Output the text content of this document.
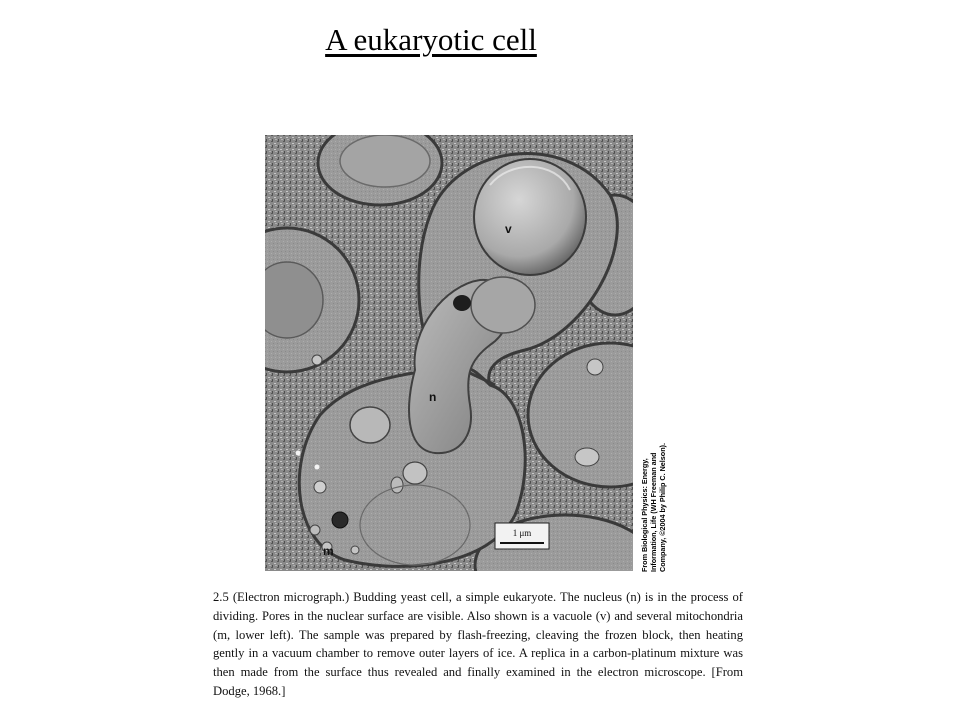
A eukaryotic cell
v
n
m
1 μm	From Biological Physics: Energy, Information, Life (WH Freeman and Company, ©2004 by Philip C. Nelson).

2.5 (Electron micrograph.) Budding yeast cell, a simple eukaryote. The nucleus (n) is in the process of dividing. Pores in the nuclear surface are visible. Also shown is a vacuole (v) and several mitochondria (m, lower left). The sample was prepared by flash-freezing, cleaving the frozen block, then heating gently in a vacuum chamber to remove outer layers of ice. A replica in a carbon-platinum mixture was then made from the surface thus revealed and finally examined in the electron microscope. [From Dodge, 1968.]
